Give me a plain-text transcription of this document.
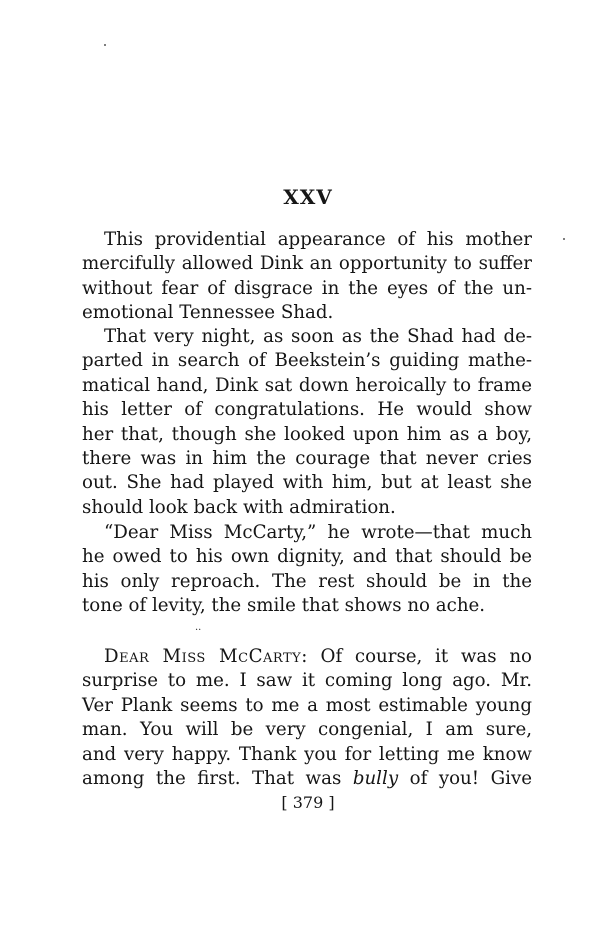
XXV
This providential appearance of his mother
mercifully allowed Dink an opportunity to suffer
without fear of disgrace in the eyes of the un-
emotional Tennessee Shad.
That very night, as soon as the Shad had de-
parted in search of Beekstein’s guiding mathe-
matical hand, Dink sat down heroically to frame
his letter of congratulations. He would show
her that, though she looked upon him as a boy,
there was in him the courage that never cries
out. She had played with him, but at least she
should look back with admiration.
“Dear Miss McCarty,” he wrote—that much
he owed to his own dignity, and that should be
his only reproach. The rest should be in the
tone of levity, the smile that shows no ache.
··
Dear Miss McCarty: Of course, it was no
surprise to me. I saw it coming long ago. Mr.
Ver Plank seems to me a most estimable young
man. You will be very congenial, I am sure,
and very happy. Thank you for letting me know
among the first. That was bully of you! Give
[ 379 ]
